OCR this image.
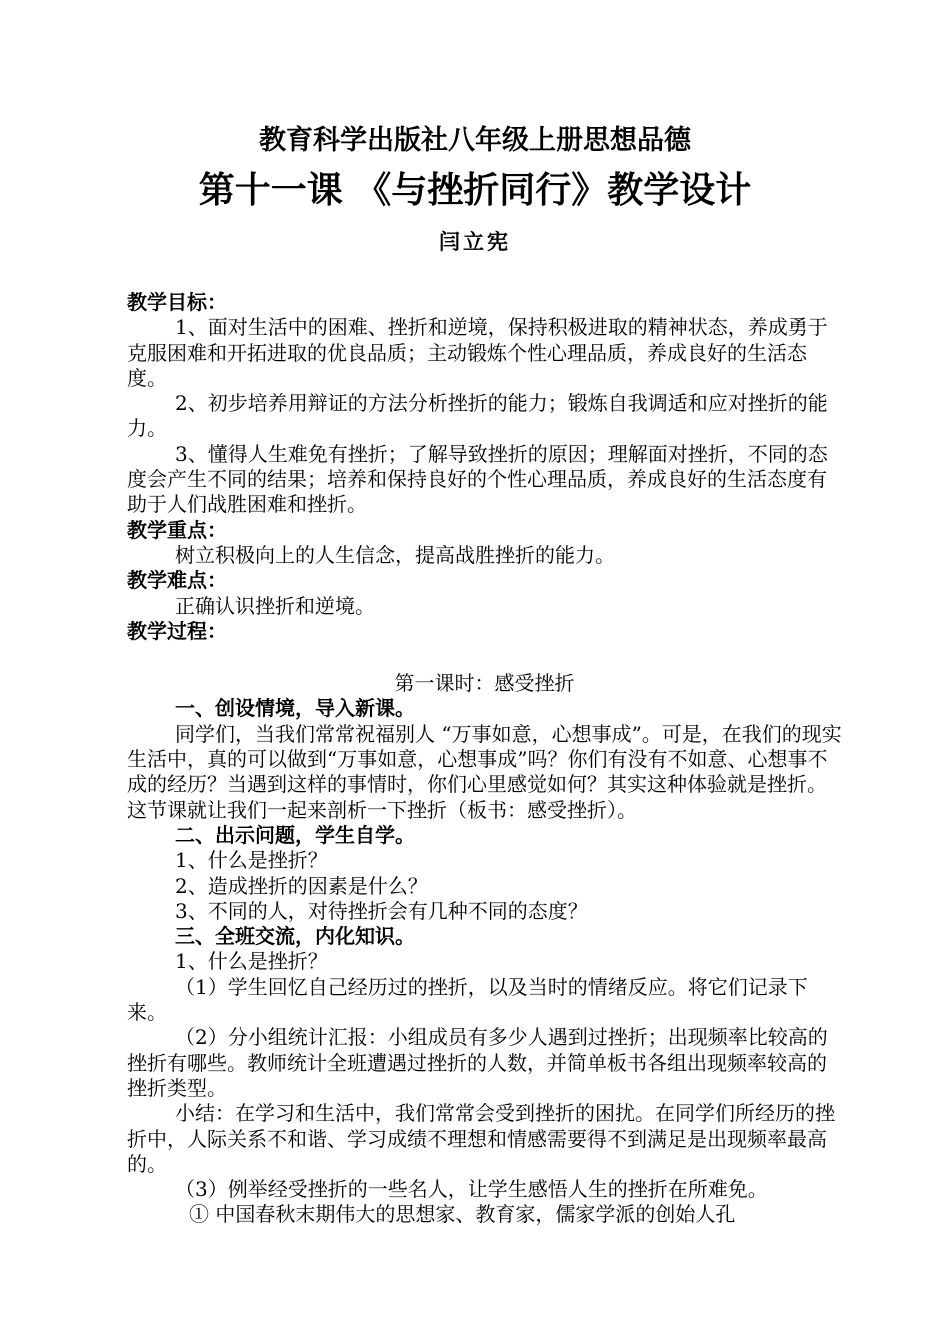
教育科学出版社八年级上册思想品德
第十一课 《与挫折同行》教学设计
闫立宪

教学目标：

1、面对生活中的困难、挫折和逆境，保持积极进取的精神状态，养成勇于克服困难和开拓进取的优良品质；主动锻炼个性心理品质，养成良好的生活态度。

2、初步培养用辩证的方法分析挫折的能力；锻炼自我调适和应对挫折的能力。

3、懂得人生难免有挫折；了解导致挫折的原因；理解面对挫折，不同的态度会产生不同的结果；培养和保持良好的个性心理品质，养成良好的生活态度有助于人们战胜困难和挫折。

教学重点：

树立积极向上的人生信念，提高战胜挫折的能力。

教学难点：

正确认识挫折和逆境。

教学过程：

第一课时：感受挫折

一、创设情境，导入新课。

同学们，当我们常常祝福别人 “万事如意，心想事成”。可是，在我们的现实生活中，真的可以做到“万事如意，心想事成”吗？你们有没有不如意、心想事不成的经历？当遇到这样的事情时，你们心里感觉如何？其实这种体验就是挫折。这节课就让我们一起来剖析一下挫折（板书：感受挫折）。

二、出示问题，学生自学。

1、什么是挫折？

2、造成挫折的因素是什么？

3、不同的人，对待挫折会有几种不同的态度？

三、全班交流，内化知识。

1、什么是挫折？

（1）学生回忆自己经历过的挫折，以及当时的情绪反应。将它们记录下来。

（2）分小组统计汇报：小组成员有多少人遇到过挫折；出现频率比较高的挫折有哪些。教师统计全班遭遇过挫折的人数，并简单板书各组出现频率较高的挫折类型。

小结：在学习和生活中，我们常常会受到挫折的困扰。在同学们所经历的挫折中，人际关系不和谐、学习成绩不理想和情感需要得不到满足是出现频率最高的。

（3）例举经受挫折的一些名人，让学生感悟人生的挫折在所难免。

① 中国春秋末期伟大的思想家、教育家，儒家学派的创始人孔
